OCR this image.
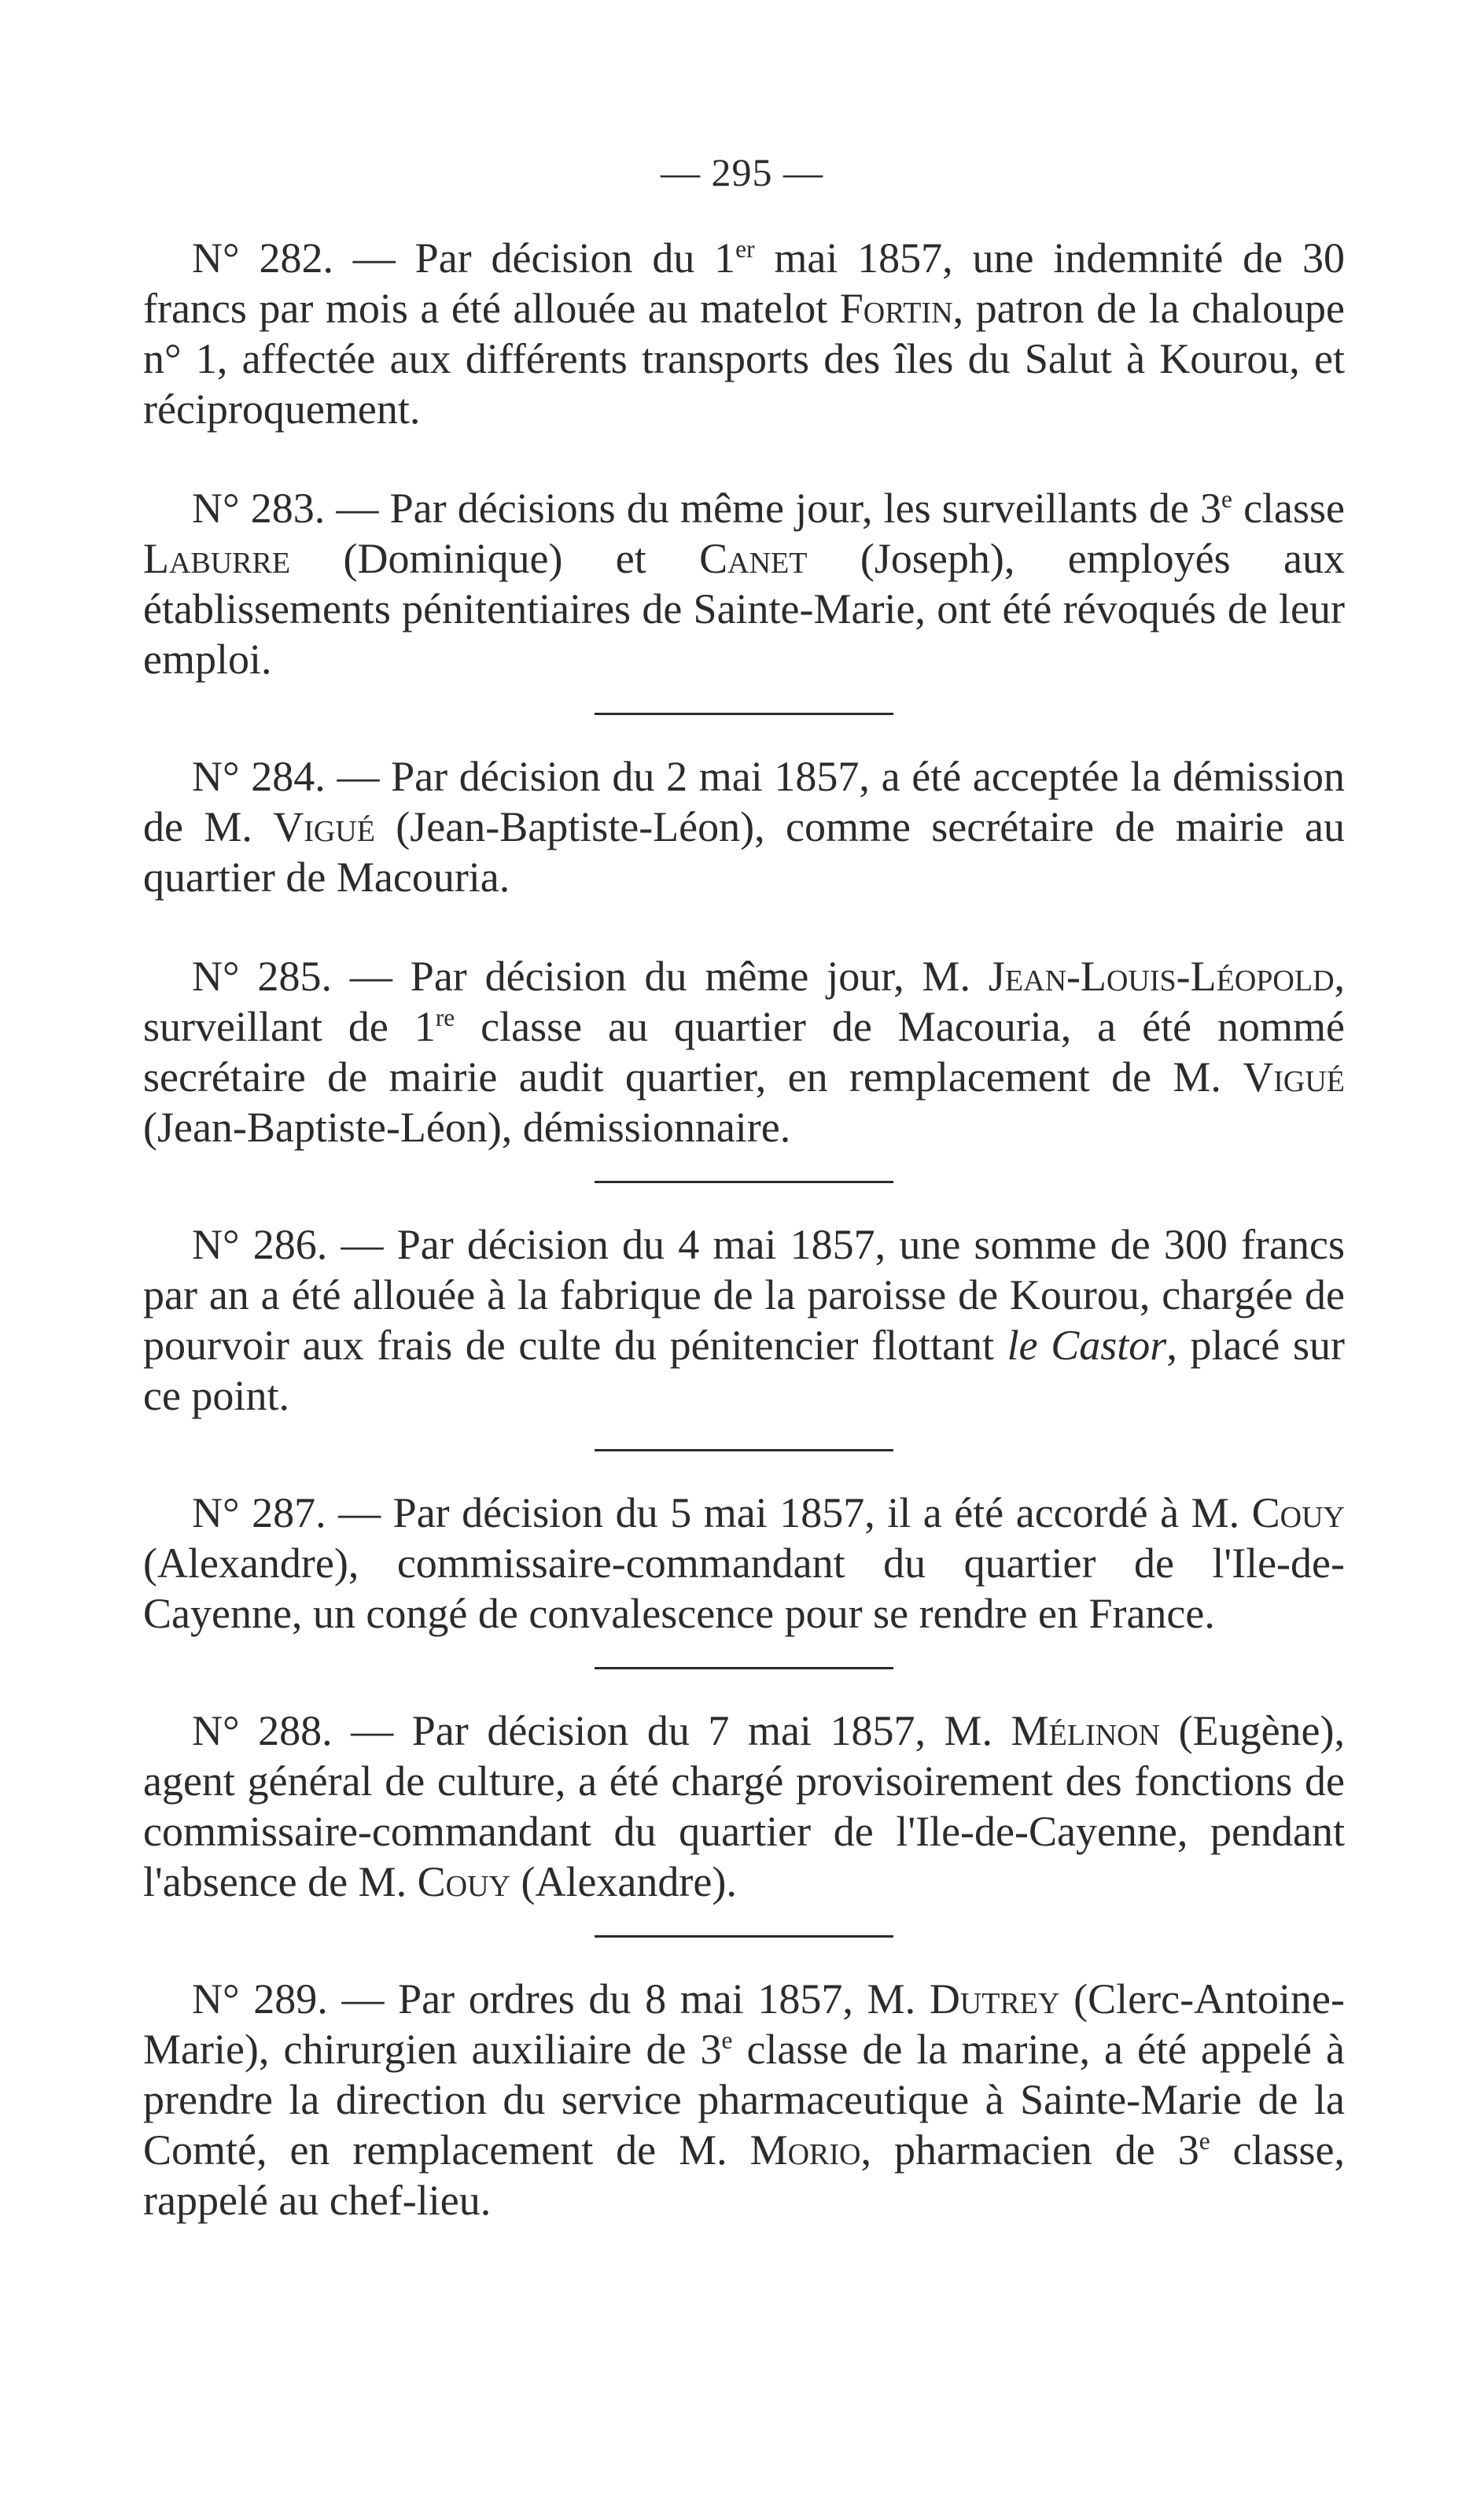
— 295 —

N° 282. — Par décision du 1er mai 1857, une indemnité de 30 francs par mois a été allouée au matelot Fortin, patron de la chaloupe n° 1, affectée aux différents transports des îles du Salut à Kourou, et réciproquement.

N° 283. — Par décisions du même jour, les surveillants de 3e classe Laburre (Dominique) et Canet (Joseph), employés aux établissements pénitentiaires de Sainte-Marie, ont été révoqués de leur emploi.

N° 284. — Par décision du 2 mai 1857, a été acceptée la démission de M. Vigué (Jean-Baptiste-Léon), comme secrétaire de mairie au quartier de Macouria.

N° 285. — Par décision du même jour, M. Jean-Louis-Léopold, surveillant de 1re classe au quartier de Macouria, a été nommé secrétaire de mairie audit quartier, en remplacement de M. Vigué (Jean-Baptiste-Léon), démissionnaire.

N° 286. — Par décision du 4 mai 1857, une somme de 300 francs par an a été allouée à la fabrique de la paroisse de Kourou, chargée de pourvoir aux frais de culte du pénitencier flottant le Castor, placé sur ce point.

N° 287. — Par décision du 5 mai 1857, il a été accordé à M. Couy (Alexandre), commissaire-commandant du quartier de l'Ile-de-Cayenne, un congé de convalescence pour se rendre en France.

N° 288. — Par décision du 7 mai 1857, M. Mélinon (Eugène), agent général de culture, a été chargé provisoirement des fonctions de commissaire-commandant du quartier de l'Ile-de-Cayenne, pendant l'absence de M. Couy (Alexandre).

N° 289. — Par ordres du 8 mai 1857, M. Dutrey (Clerc-Antoine-Marie), chirurgien auxiliaire de 3e classe de la marine, a été appelé à prendre la direction du service pharmaceutique à Sainte-Marie de la Comté, en remplacement de M. Morio, pharmacien de 3e classe, rappelé au chef-lieu.
